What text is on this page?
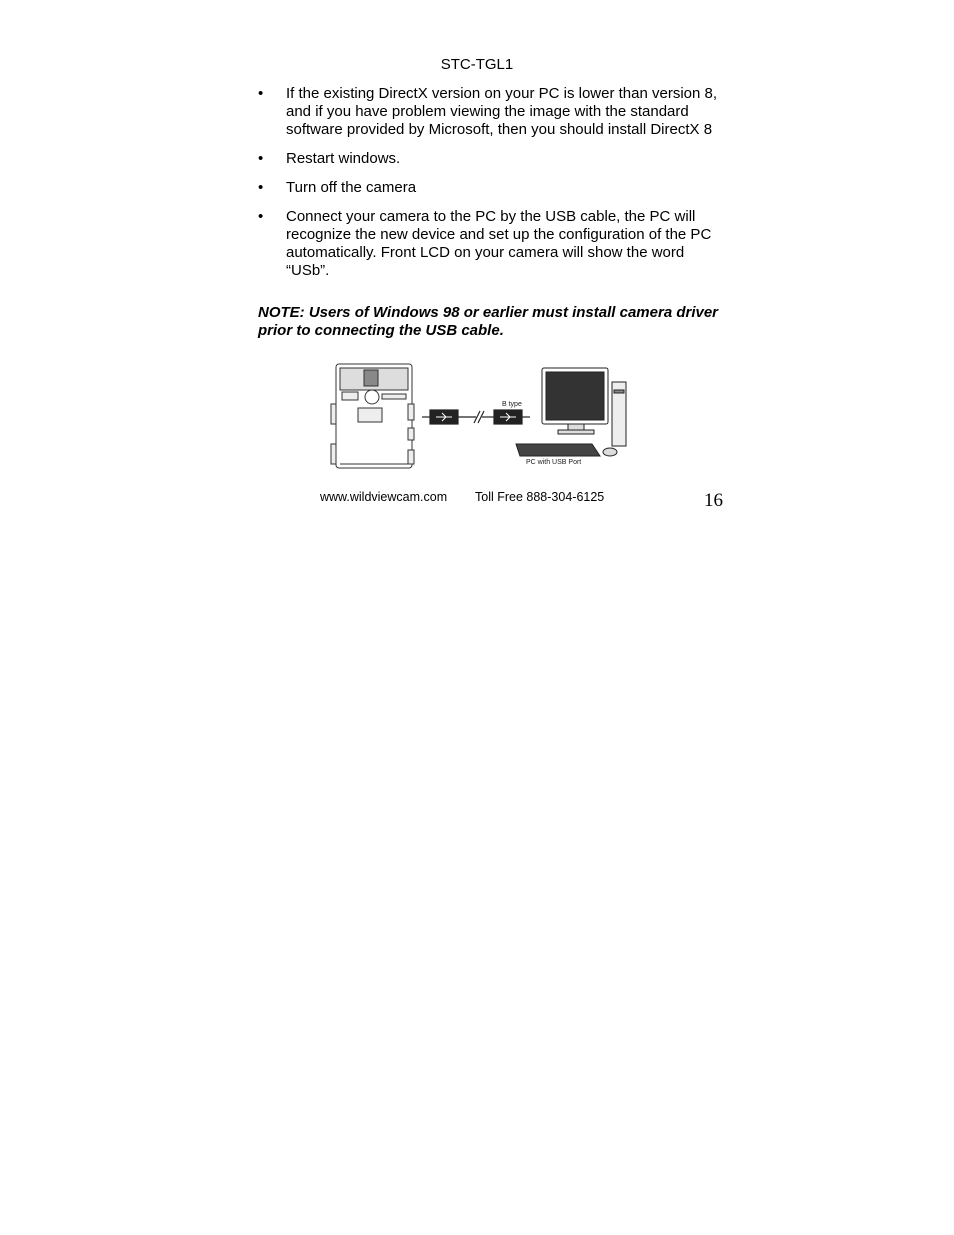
STC-TGL1
• If the existing DirectX version on your PC is lower than version 8, and if you have problem viewing the image with the standard software provided by Microsoft, then you should install DirectX 8
• Restart windows.
• Turn off the camera
• Connect your camera to the PC by the USB cable, the PC will recognize the new device and set up the configuration of the PC automatically. Front LCD on your camera will show the word “USb”.
NOTE: Users of Windows 98 or earlier must install camera driver prior to connecting the USB cable.
B type
PC with USB Port
www.wildviewcam.com Toll Free 888-304-6125	16
